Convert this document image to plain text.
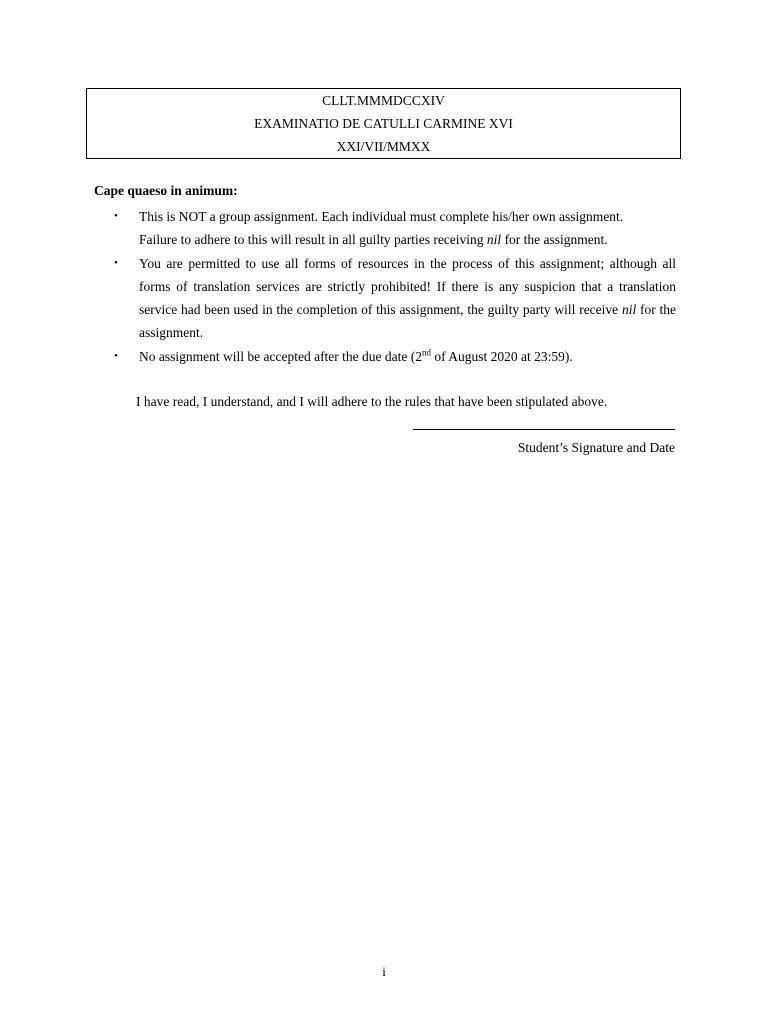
CLLT.MMMDCCXIV
EXAMINATIO DE CATULLI CARMINE XVI
XXI/VII/MMXX
Cape quaeso in animum:
• This is NOT a group assignment. Each individual must complete his/her own assignment.
Failure to adhere to this will result in all guilty parties receiving nil for the assignment.
• You are permitted to use all forms of resources in the process of this assignment; although all forms of translation services are strictly prohibited! If there is any suspicion that a translation service had been used in the completion of this assignment, the guilty party will receive nil for the assignment.
• No assignment will be accepted after the due date (2nd of August 2020 at 23:59).
I have read, I understand, and I will adhere to the rules that have been stipulated above.
Student’s Signature and Date
i
